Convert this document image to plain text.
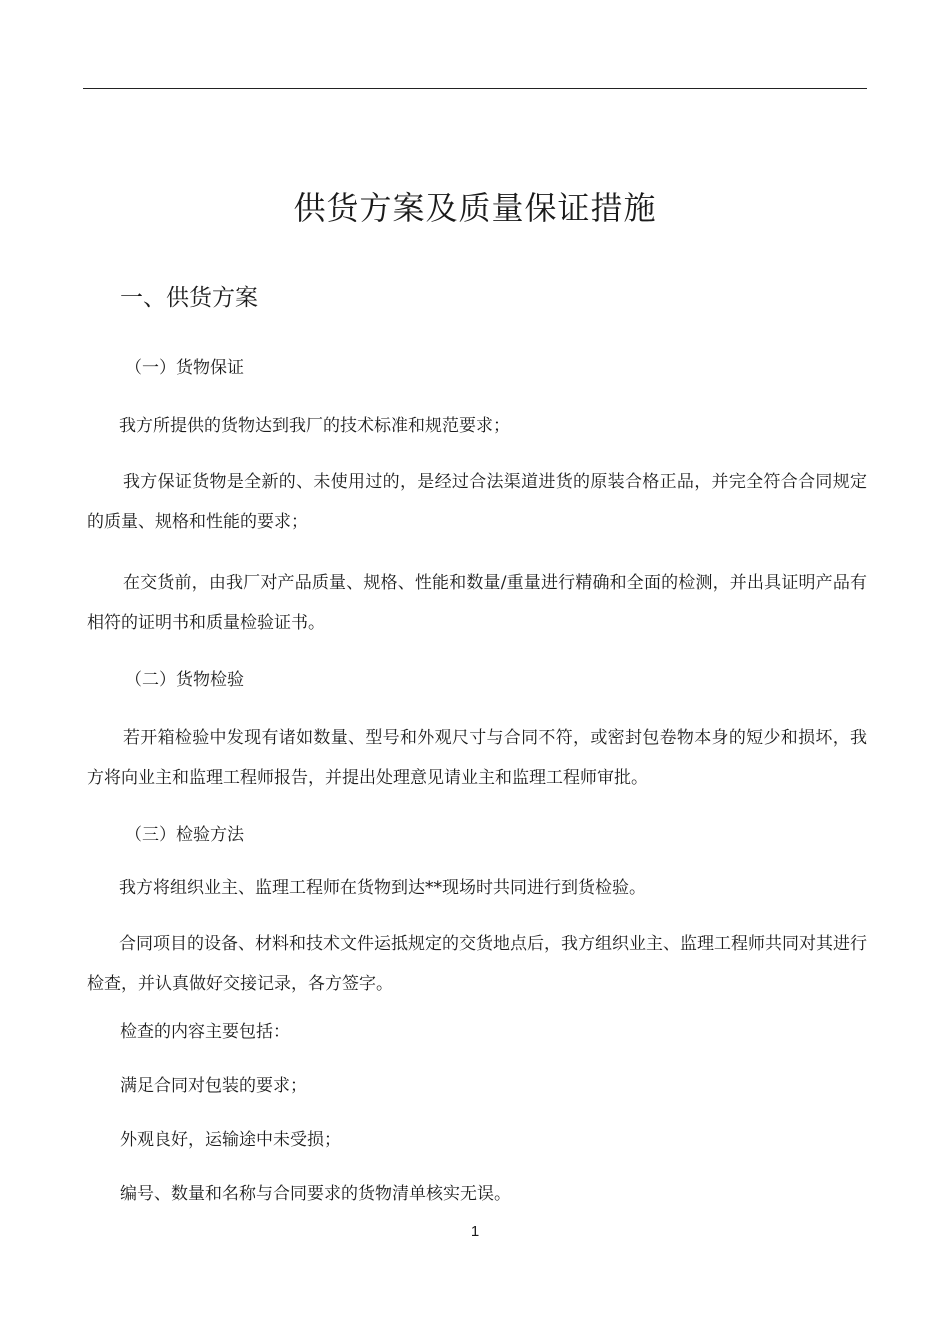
供货方案及质量保证措施
一、供货方案
（一）货物保证

我方所提供的货物达到我厂的技术标准和规范要求；

我方保证货物是全新的、未使用过的，是经过合法渠道进货的原装合格正品，并完全符合合同规定的质量、规格和性能的要求；

在交货前，由我厂对产品质量、规格、性能和数量/重量进行精确和全面的检测，并出具证明产品有相符的证明书和质量检验证书。

（二）货物检验

若开箱检验中发现有诸如数量、型号和外观尺寸与合同不符，或密封包卷物本身的短少和损坏，我方将向业主和监理工程师报告，并提出处理意见请业主和监理工程师审批。

（三）检验方法

我方将组织业主、监理工程师在货物到达**现场时共同进行到货检验。

合同项目的设备、材料和技术文件运抵规定的交货地点后，我方组织业主、监理工程师共同对其进行检查，并认真做好交接记录，各方签字。

检查的内容主要包括：

满足合同对包装的要求；

外观良好，运输途中未受损；

编号、数量和名称与合同要求的货物清单核实无误。

1
